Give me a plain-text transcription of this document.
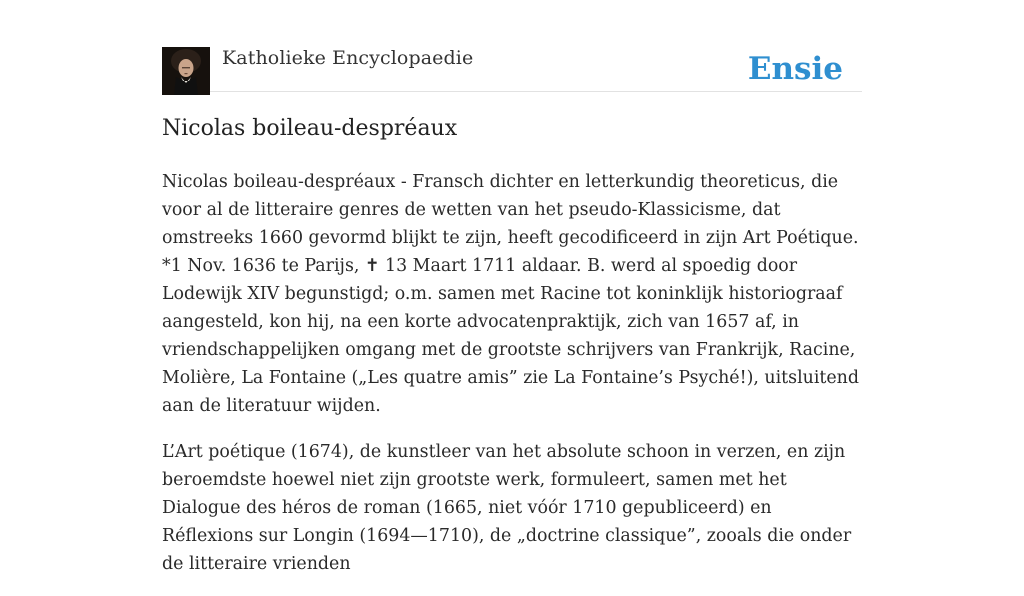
Katholieke Encyclopaedie	Ensie
Nicolas boileau-despréaux

Nicolas boileau-despréaux - Fransch dichter en letterkundig theoreticus, die voor al de litteraire genres de wetten van het pseudo-Klassicisme, dat omstreeks 1660 gevormd blijkt te zijn, heeft gecodificeerd in zijn Art Poétique. *1 Nov. 1636 te Parijs, ✝ 13 Maart 1711 aldaar. B. werd al spoedig door Lodewijk XIV begunstigd; o.m. samen met Racine tot koninklijk historiograaf aangesteld, kon hij, na een korte advocatenpraktijk, zich van 1657 af, in vriendschappelijken omgang met de grootste schrijvers van Frankrijk, Racine, Molière, La Fontaine („Les quatre amis” zie La Fontaine’s Psyché!), uitsluitend aan de literatuur wijden.

L’Art poétique (1674), de kunstleer van het absolute schoon in verzen, en zijn beroemdste hoewel niet zijn grootste werk, formuleert, samen met het Dialogue des héros de roman (1665, niet vóór 1710 gepubliceerd) en Réflexions sur Longin (1694—1710), de „doctrine classique”, zooals die onder de litteraire vrienden
